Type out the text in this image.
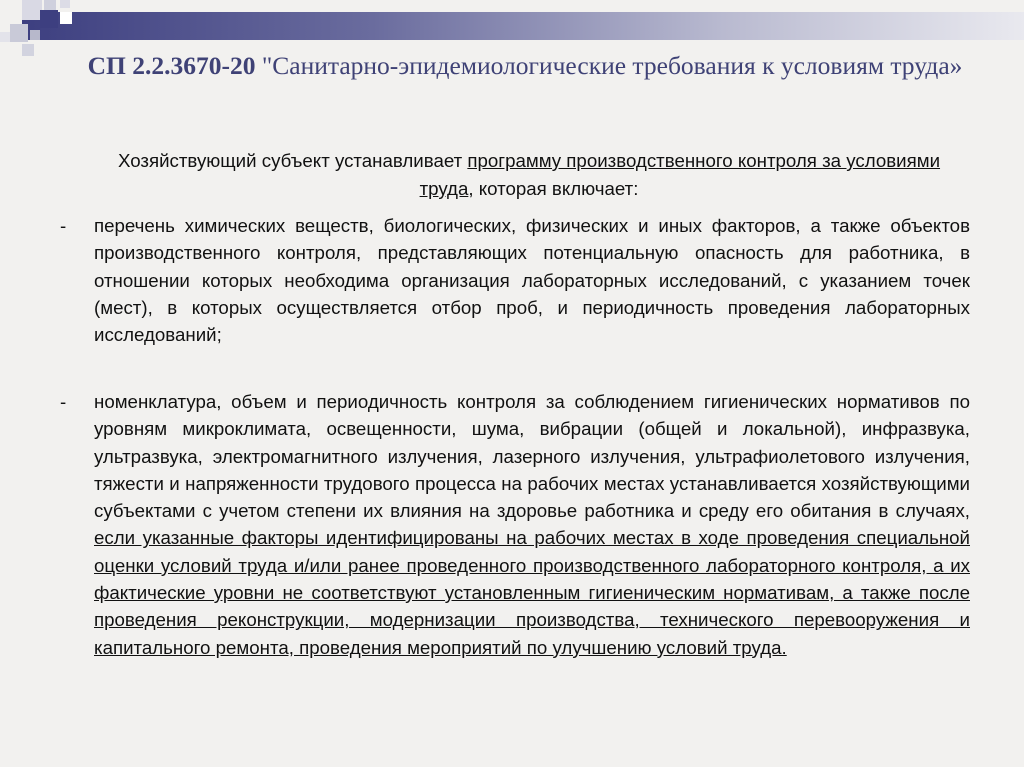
СП 2.2.3670-20 "Санитарно-эпидемиологические требования к условиям труда»
Хозяйствующий субъект устанавливает программу производственного контроля за условиями труда, которая включает:
- перечень химических веществ, биологических, физических и иных факторов, а также объектов производственного контроля, представляющих потенциальную опасность для работника, в отношении которых необходима организация лабораторных исследований, с указанием точек (мест), в которых осуществляется отбор проб, и периодичность проведения лабораторных исследований;
- номенклатура, объем и периодичность контроля за соблюдением гигиенических нормативов по уровням микроклимата, освещенности, шума, вибрации (общей и локальной), инфразвука, ультразвука, электромагнитного излучения, лазерного излучения, ультрафиолетового излучения, тяжести и напряженности трудового процесса на рабочих местах устанавливается хозяйствующими субъектами с учетом степени их влияния на здоровье работника и среду его обитания в случаях, если указанные факторы идентифицированы на рабочих местах в ходе проведения специальной оценки условий труда и/или ранее проведенного производственного лабораторного контроля, а их фактические уровни не соответствуют установленным гигиеническим нормативам, а также после проведения реконструкции, модернизации производства, технического перевооружения и капитального ремонта, проведения мероприятий по улучшению условий труда.
